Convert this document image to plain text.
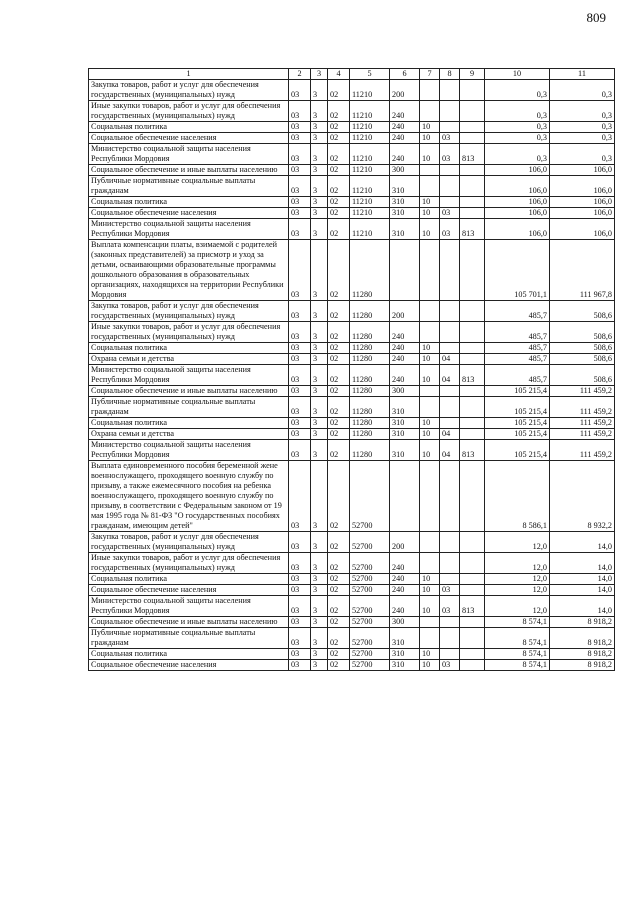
809
1	2	3	4	5	6	7	8	9	10	11

Закупка товаров, работ и услуг для обеспечения государственных (муниципальных) нужд	03	3	02	11210	200				0,3	0,3

Иные закупки товаров, работ и услуг для обеспечения государственных (муниципальных) нужд	03	3	02	11210	240				0,3	0,3

Социальная политика	03	3	02	11210	240	10			0,3	0,3

Социальное обеспечение населения	03	3	02	11210	240	10	03		0,3	0,3

Министерство социальной защиты населения Республики Мордовия	03	3	02	11210	240	10	03	813	0,3	0,3

Социальное обеспечение и иные выплаты населению	03	3	02	11210	300				106,0	106,0

Публичные нормативные социальные выплаты гражданам	03	3	02	11210	310				106,0	106,0

Социальная политика	03	3	02	11210	310	10			106,0	106,0

Социальное обеспечение населения	03	3	02	11210	310	10	03		106,0	106,0

Министерство социальной защиты населения Республики Мордовия	03	3	02	11210	310	10	03	813	106,0	106,0

Выплата компенсации платы, взимаемой с родителей (законных представителей) за присмотр и уход за детьми, осваивающими образовательные программы дошкольного образования в образовательных организациях, находящихся на территории Республики Мордовия	03	3	02	11280					105 701,1	111 967,8

Закупка товаров, работ и услуг для обеспечения государственных (муниципальных) нужд	03	3	02	11280	200				485,7	508,6

Иные закупки товаров, работ и услуг для обеспечения государственных (муниципальных) нужд	03	3	02	11280	240				485,7	508,6

Социальная политика	03	3	02	11280	240	10			485,7	508,6

Охрана семьи и детства	03	3	02	11280	240	10	04		485,7	508,6

Министерство социальной защиты населения Республики Мордовия	03	3	02	11280	240	10	04	813	485,7	508,6

Социальное обеспечение и иные выплаты населению	03	3	02	11280	300				105 215,4	111 459,2

Публичные нормативные социальные выплаты гражданам	03	3	02	11280	310				105 215,4	111 459,2

Социальная политика	03	3	02	11280	310	10			105 215,4	111 459,2

Охрана семьи и детства	03	3	02	11280	310	10	04		105 215,4	111 459,2

Министерство социальной защиты населения Республики Мордовия	03	3	02	11280	310	10	04	813	105 215,4	111 459,2

Выплата единовременного пособия беременной жене военнослужащего, проходящего военную службу по призыву, а также ежемесячного пособия на ребенка военнослужащего, проходящего военную службу по призыву, в соответствии с Федеральным законом от 19 мая 1995 года № 81-ФЗ "О государственных пособиях гражданам, имеющим детей"	03	3	02	52700					8 586,1	8 932,2

Закупка товаров, работ и услуг для обеспечения государственных (муниципальных) нужд	03	3	02	52700	200				12,0	14,0

Иные закупки товаров, работ и услуг для обеспечения государственных (муниципальных) нужд	03	3	02	52700	240				12,0	14,0

Социальная политика	03	3	02	52700	240	10			12,0	14,0

Социальное обеспечение населения	03	3	02	52700	240	10	03		12,0	14,0

Министерство социальной защиты населения Республики Мордовия	03	3	02	52700	240	10	03	813	12,0	14,0

Социальное обеспечение и иные выплаты населению	03	3	02	52700	300				8 574,1	8 918,2

Публичные нормативные социальные выплаты гражданам	03	3	02	52700	310				8 574,1	8 918,2

Социальная политика	03	3	02	52700	310	10			8 574,1	8 918,2

Социальное обеспечение населения	03	3	02	52700	310	10	03		8 574,1	8 918,2
